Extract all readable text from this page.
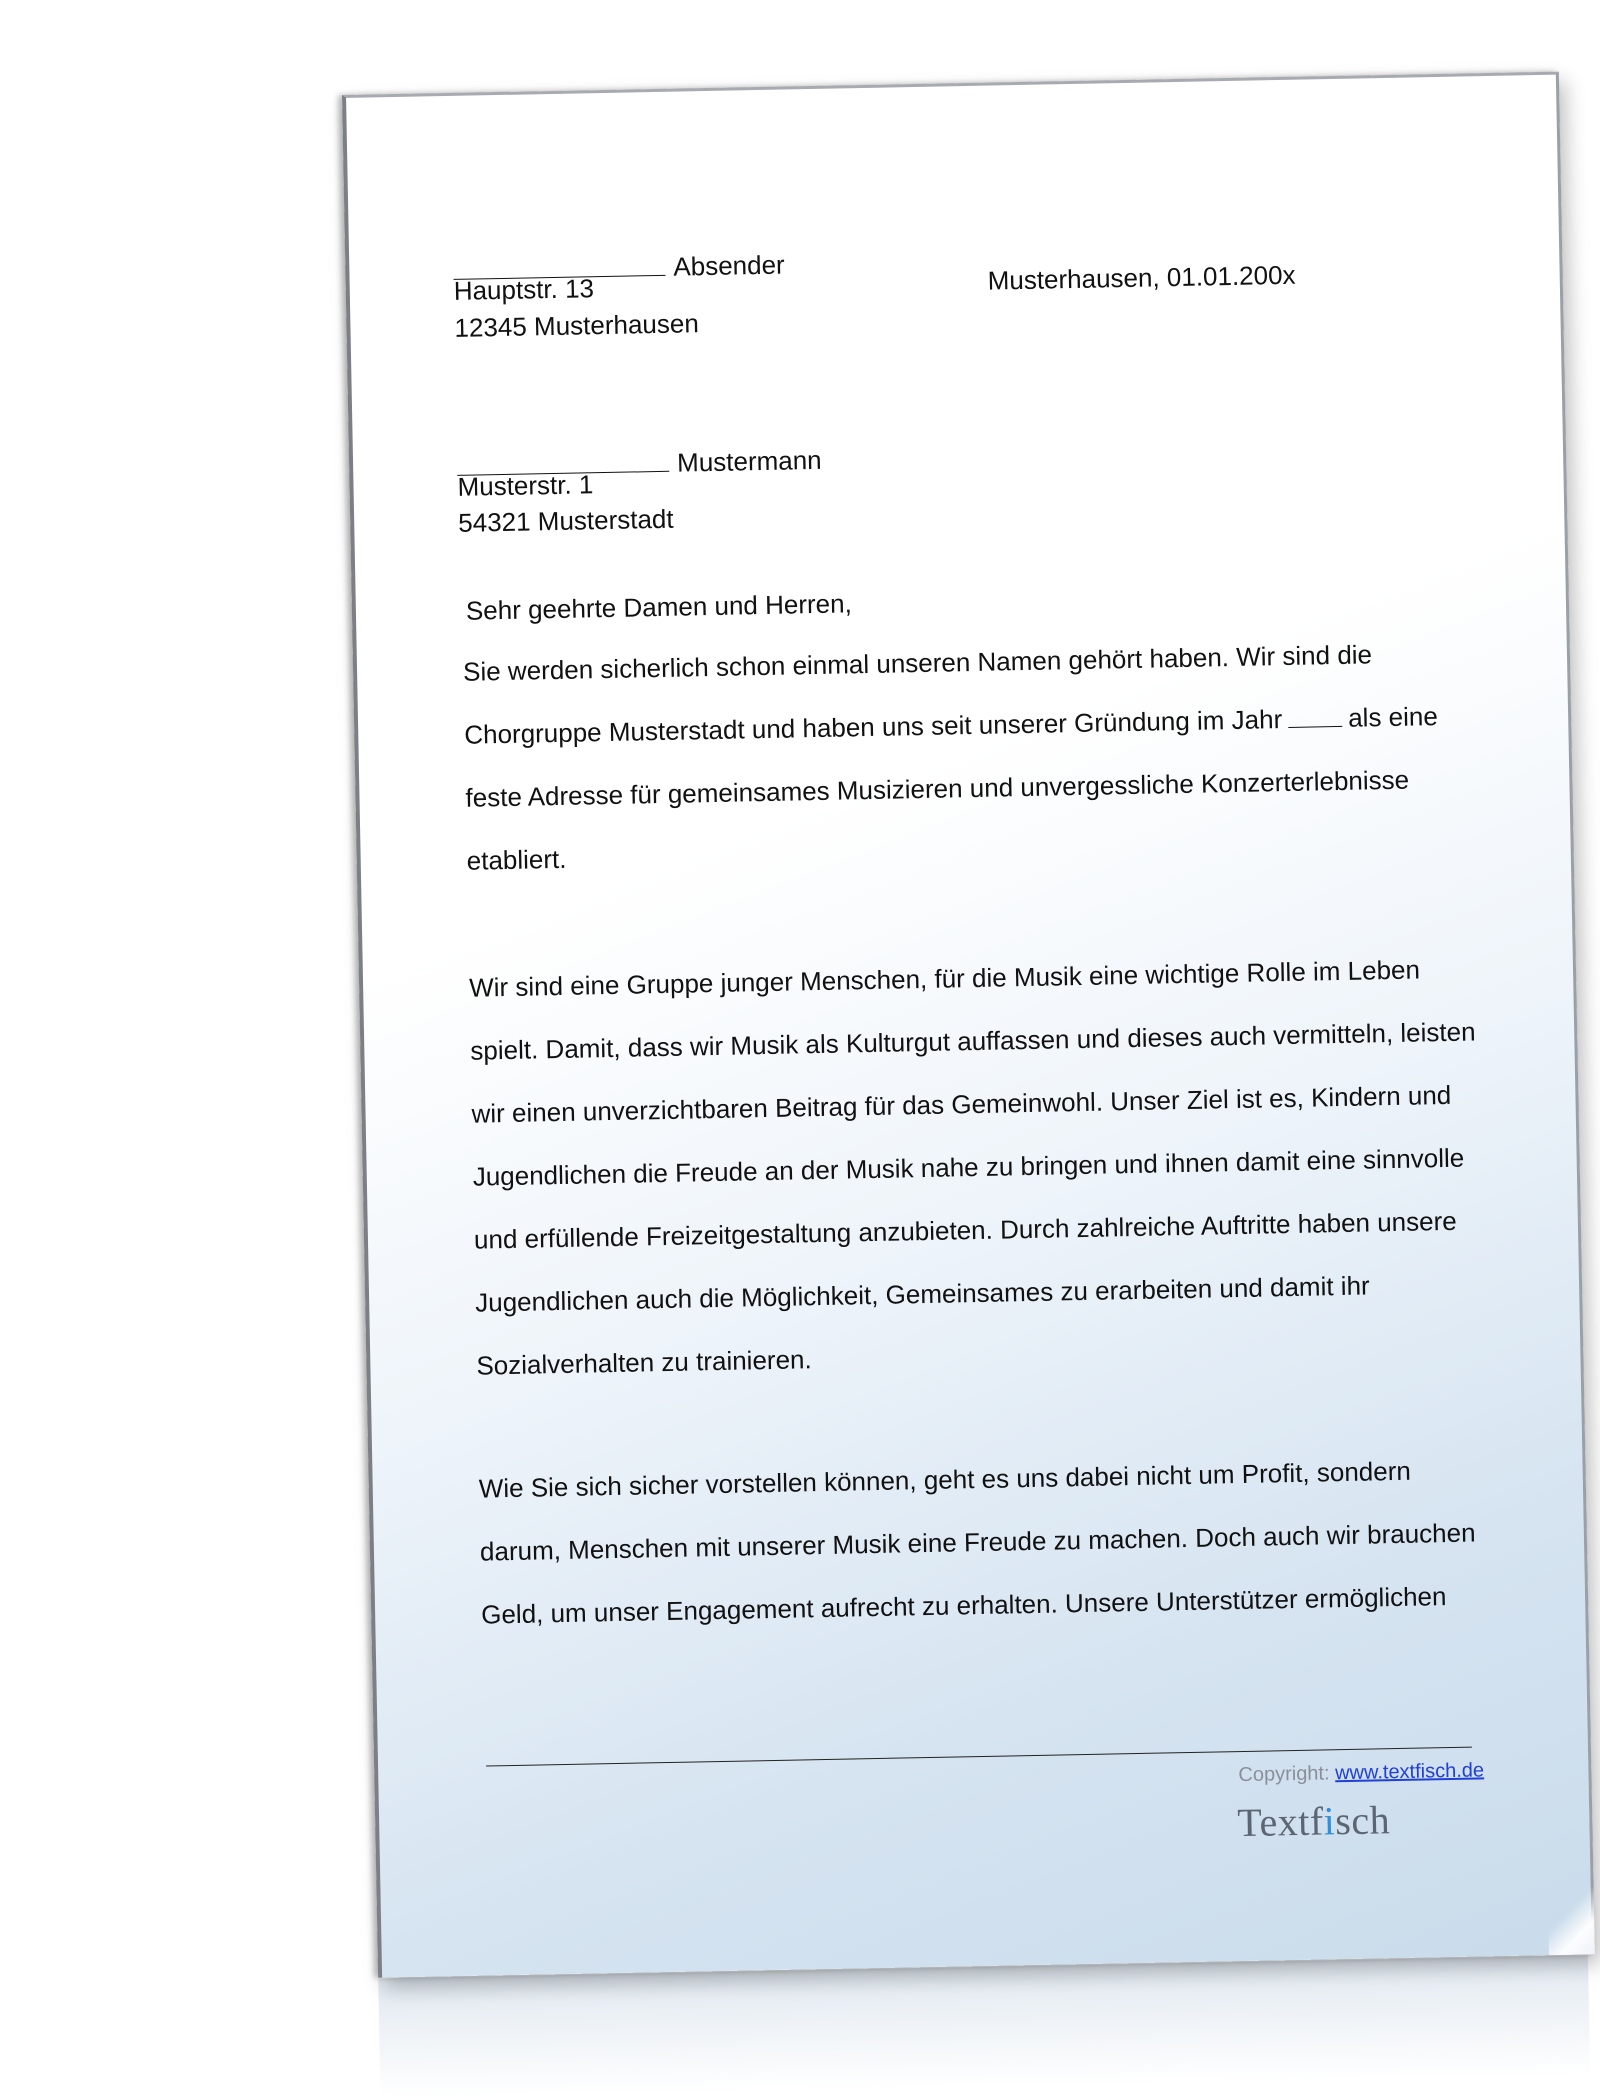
Absender
Hauptstr. 13
12345 Musterhausen
Musterhausen, 01.01.200x
Mustermann
Musterstr. 1
54321 Musterstadt
Sehr geehrte Damen und Herren,
Sie werden sicherlich schon einmal unseren Namen gehört haben. Wir sind die
Chorgruppe Musterstadt und haben uns seit unserer Gründung im Jahr	als eine
feste Adresse für gemeinsames Musizieren und unvergessliche Konzerterlebnisse
etabliert.
Wir sind eine Gruppe junger Menschen, für die Musik eine wichtige Rolle im Leben
spielt. Damit, dass wir Musik als Kulturgut auffassen und dieses auch vermitteln, leisten
wir einen unverzichtbaren Beitrag für das Gemeinwohl. Unser Ziel ist es, Kindern und
Jugendlichen die Freude an der Musik nahe zu bringen und ihnen damit eine sinnvolle
und erfüllende Freizeitgestaltung anzubieten. Durch zahlreiche Auftritte haben unsere
Jugendlichen auch die Möglichkeit, Gemeinsames zu erarbeiten und damit ihr
Sozialverhalten zu trainieren.
Wie Sie sich sicher vorstellen können, geht es uns dabei nicht um Profit, sondern
darum, Menschen mit unserer Musik eine Freude zu machen. Doch auch wir brauchen
Geld, um unser Engagement aufrecht zu erhalten. Unsere Unterstützer ermöglichen
Copyright: www.textfisch.de
Textfisch
